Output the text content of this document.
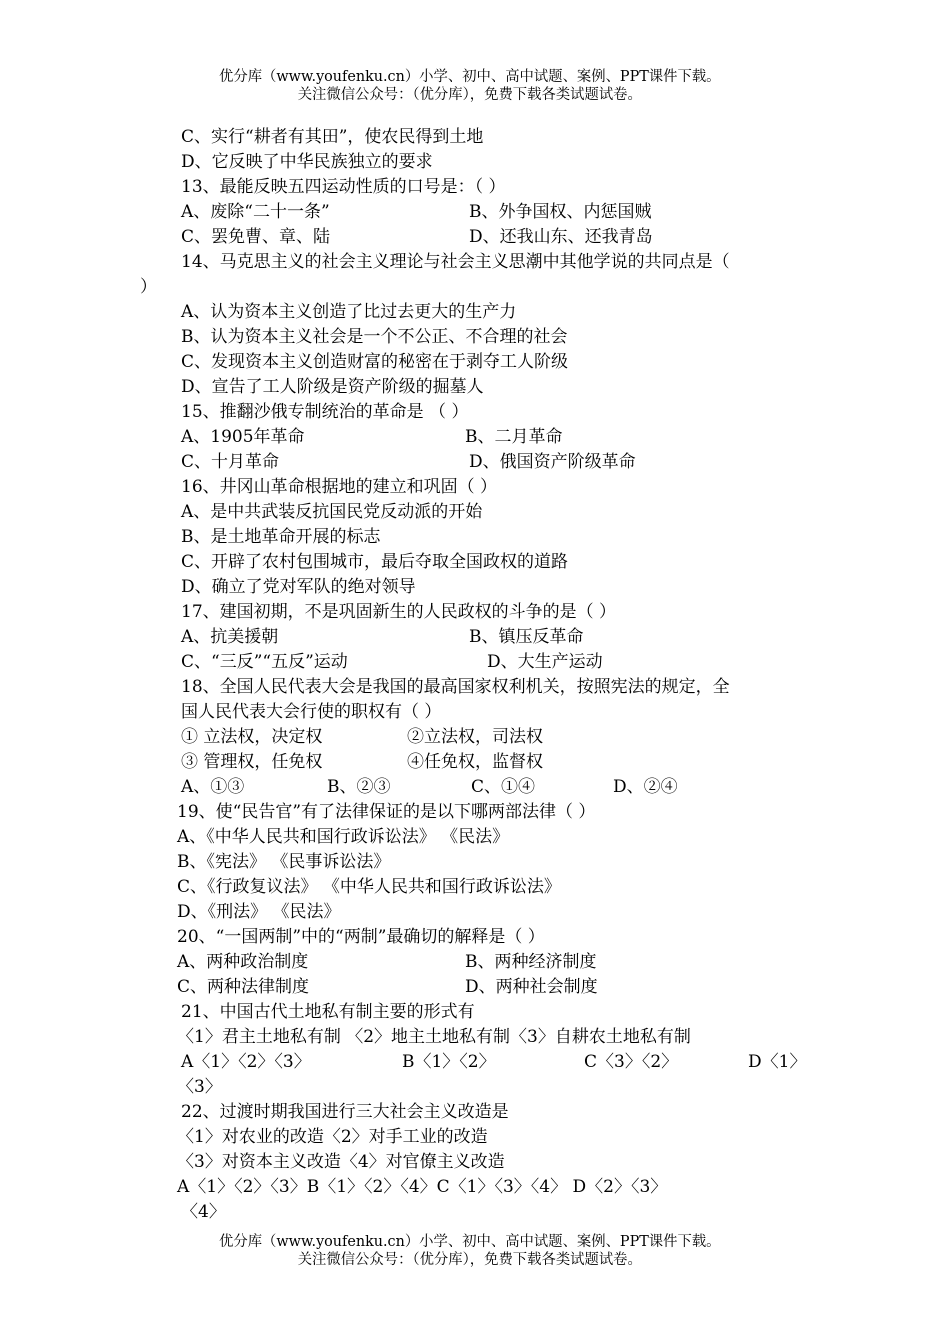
优分库（www.youfenku.cn）小学、初中、高中试题、案例、PPT课件下载。
关注微信公众号：（优分库），免费下载各类试题试卷。
C、实行“耕者有其田”，使农民得到土地
D、它反映了中华民族独立的要求
13、最能反映五四运动性质的口号是：（ ）
A、废除“二十一条”	B、外争国权、内惩国贼
C、罢免曹、章、陆	D、还我山东、还我青岛
14、马克思主义的社会主义理论与社会主义思潮中其他学说的共同点是（
）
A、认为资本主义创造了比过去更大的生产力
B、认为资本主义社会是一个不公正、不合理的社会
C、发现资本主义创造财富的秘密在于剥夺工人阶级
D、宣告了工人阶级是资产阶级的掘墓人
15、推翻沙俄专制统治的革命是 （ ）
A、1905年革命	B、二月革命
C、十月革命	D、俄国资产阶级革命
16、井冈山革命根据地的建立和巩固（ ）
A、是中共武装反抗国民党反动派的开始
B、是土地革命开展的标志
C、开辟了农村包围城市，最后夺取全国政权的道路
D、确立了党对军队的绝对领导
17、建国初期，不是巩固新生的人民政权的斗争的是（ ）
A、抗美援朝	B、镇压反革命
C、“三反”“五反”运动	D、大生产运动
18、全国人民代表大会是我国的最高国家权利机关，按照宪法的规定，全
国人民代表大会行使的职权有（ ）
① 立法权，决定权	②立法权，司法权
③ 管理权，任免权	④任免权，监督权
A、①③	B、②③	C、①④	D、②④
19、使“民告官”有了法律保证的是以下哪两部法律（ ）
A、《中华人民共和国行政诉讼法》 《民法》
B、《宪法》 《民事诉讼法》
C、《行政复议法》 《中华人民共和国行政诉讼法》
D、《刑法》 《民法》
20、“一国两制”中的“两制”最确切的解释是（ ）
A、两种政治制度	B、两种经济制度
C、两种法律制度	D、两种社会制度
21、中国古代土地私有制主要的形式有
〈1〉君主土地私有制 〈2〉地主土地私有制〈3〉自耕农土地私有制
A〈1〉〈2〉〈3〉	B〈1〉〈2〉	C〈3〉〈2〉	D〈1〉
〈3〉
22、过渡时期我国进行三大社会主义改造是
〈1〉对农业的改造〈2〉对手工业的改造
〈3〉对资本主义改造〈4〉对官僚主义改造
A〈1〉〈2〉〈3〉B〈1〉〈2〉〈4〉C〈1〉〈3〉〈4〉 D〈2〉〈3〉
〈4〉
优分库（www.youfenku.cn）小学、初中、高中试题、案例、PPT课件下载。
关注微信公众号：（优分库），免费下载各类试题试卷。
